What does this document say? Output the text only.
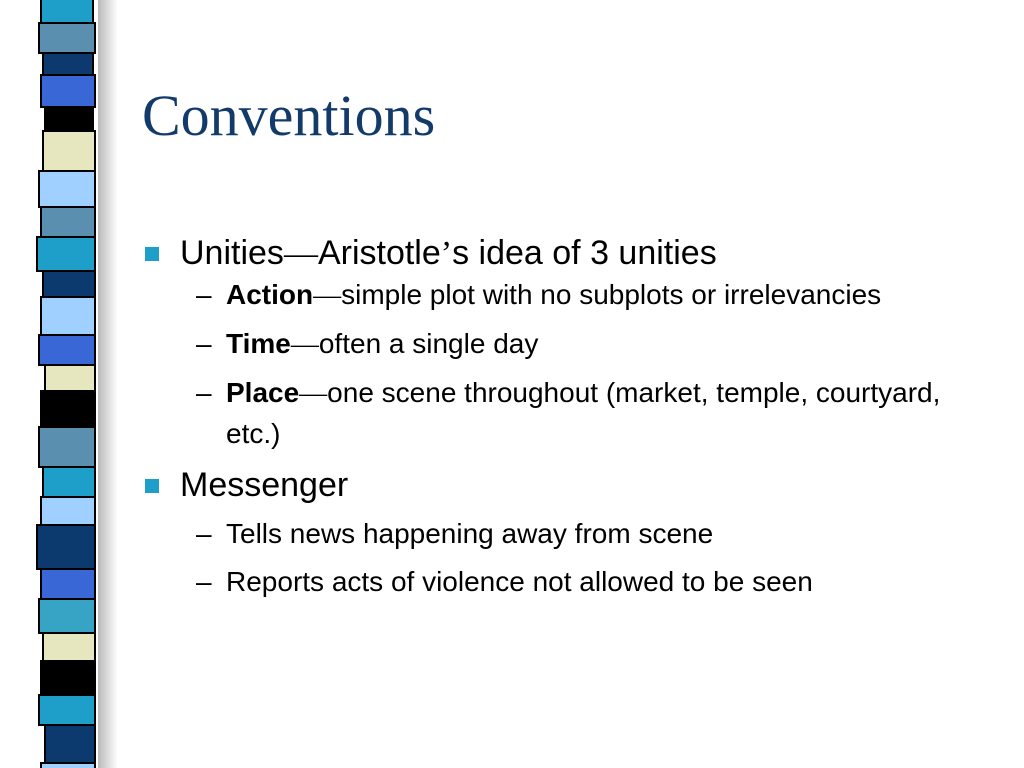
Conventions
Unities—Aristotle’s idea of 3 unities
– Action—simple plot with no subplots or irrelevancies
– Time—often a single day
– Place—one scene throughout (market, temple, courtyard, etc.)
Messenger
– Tells news happening away from scene
– Reports acts of violence not allowed to be seen
